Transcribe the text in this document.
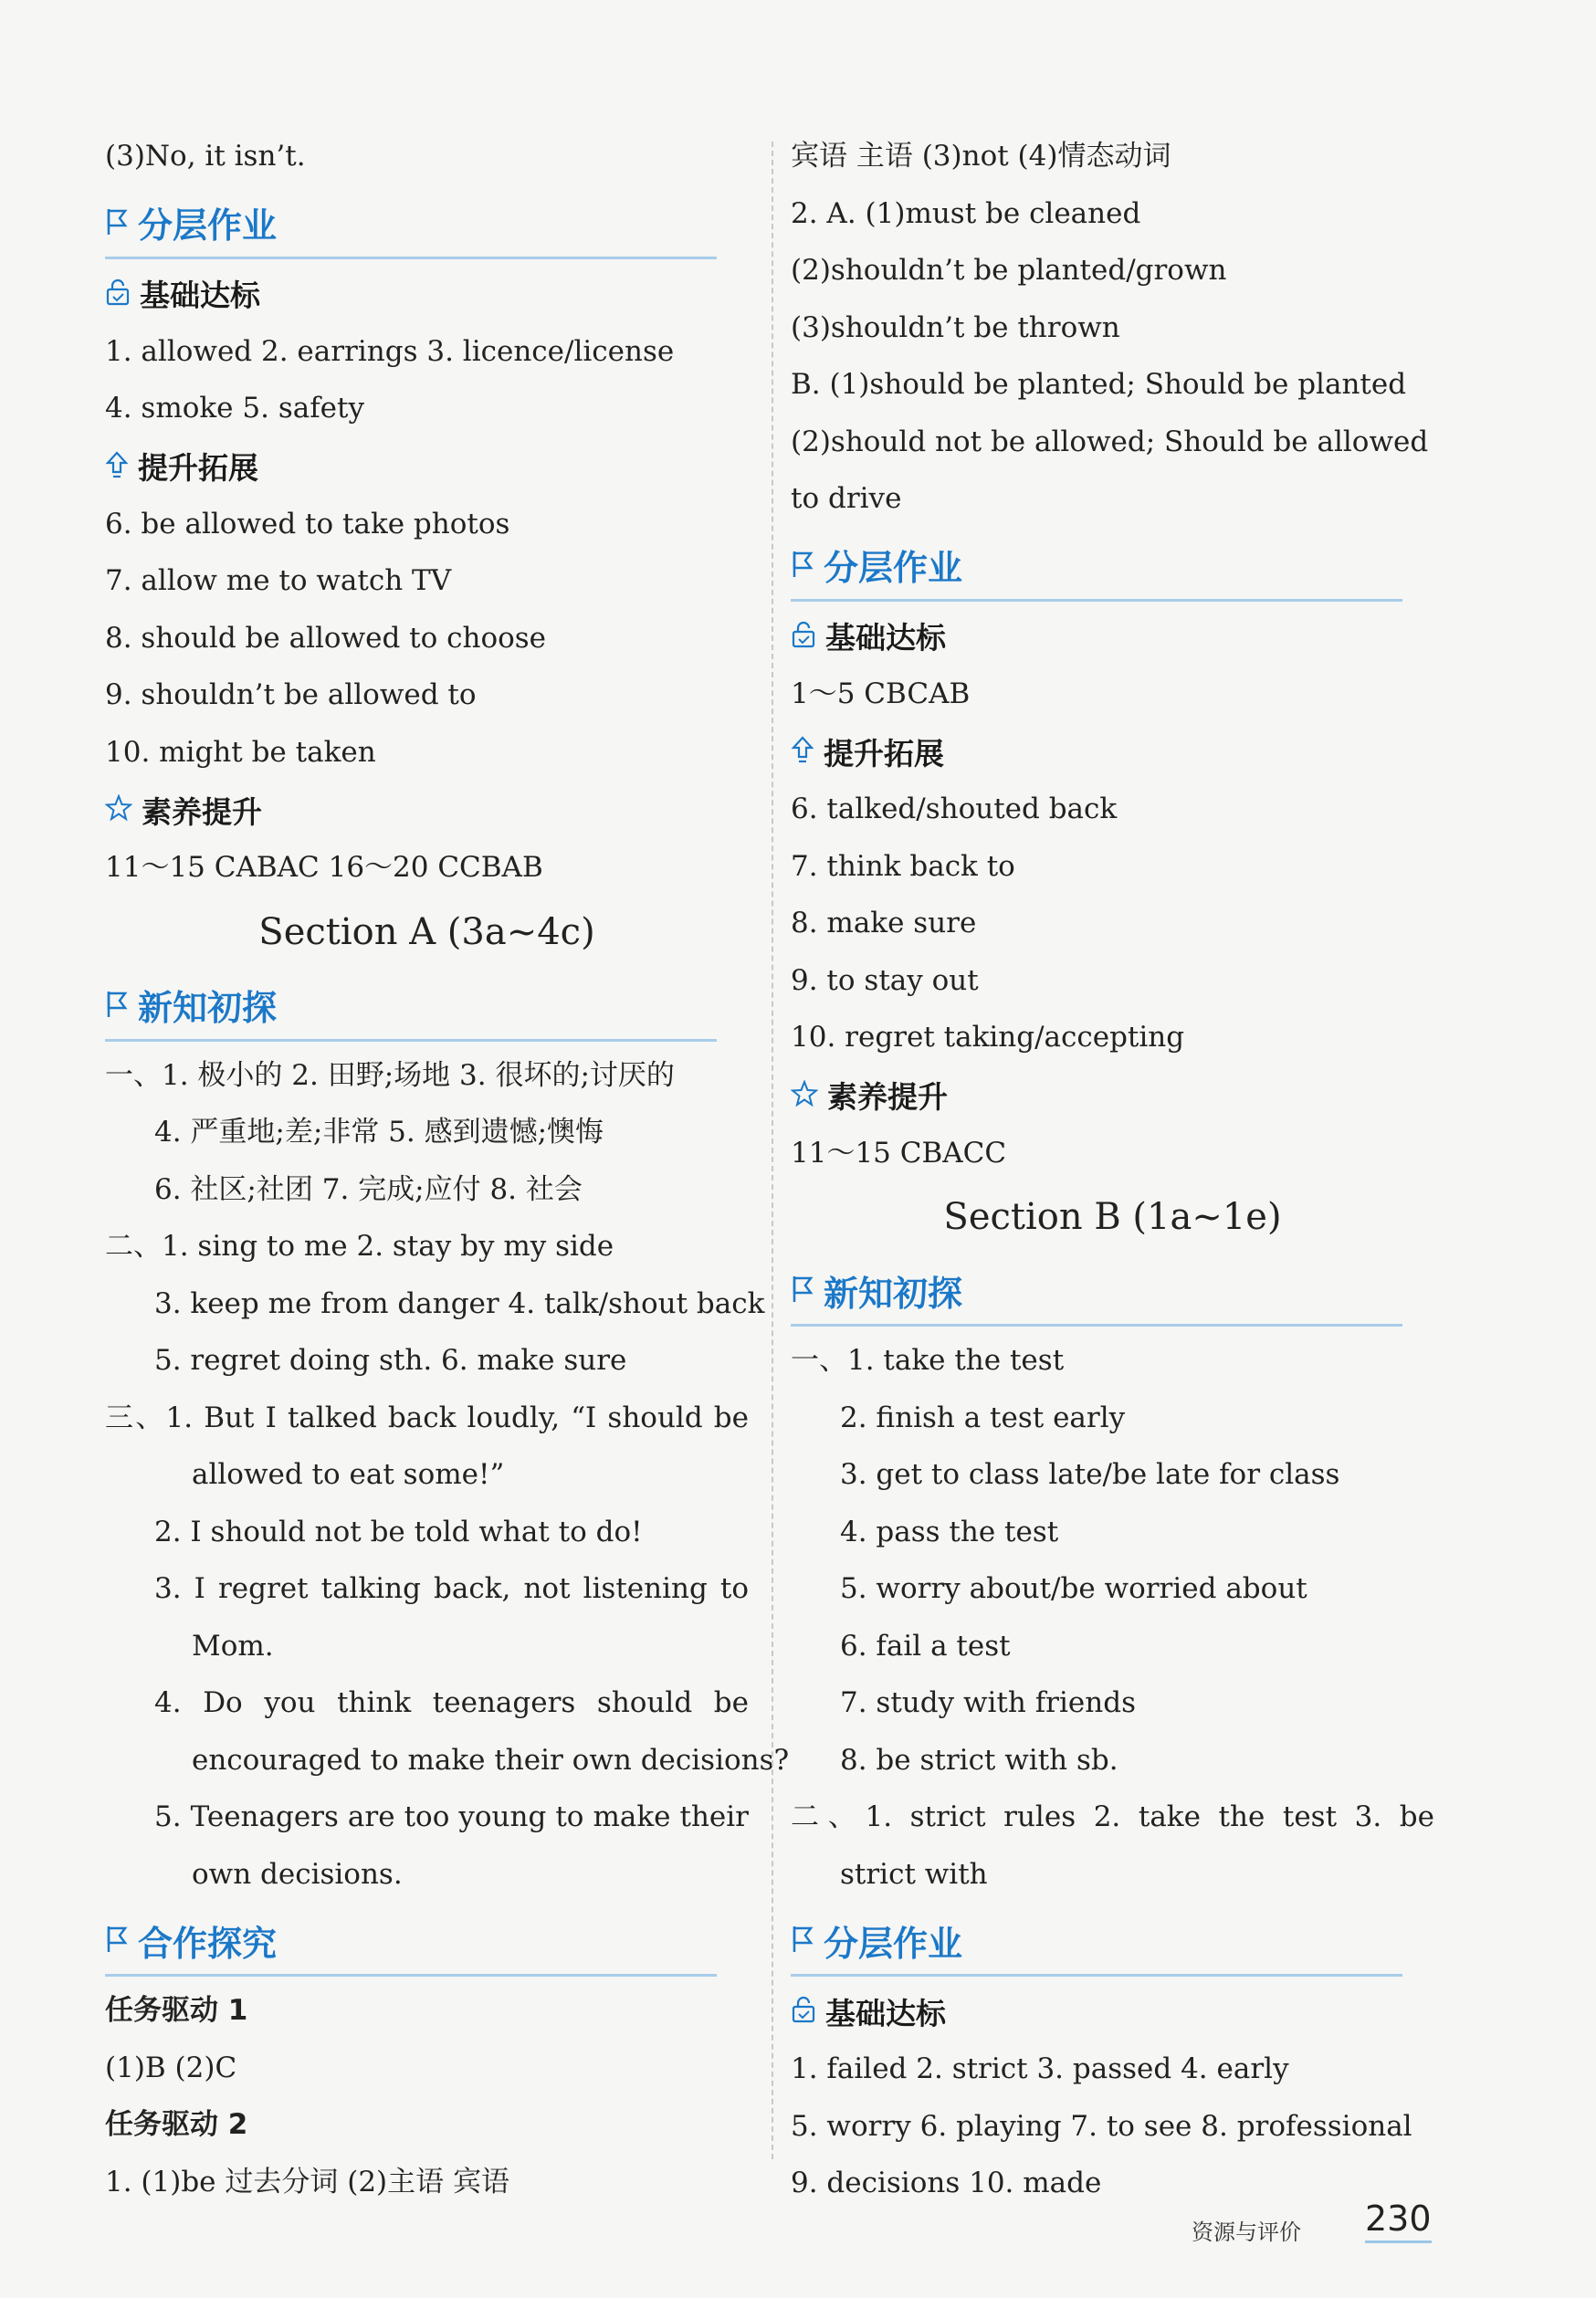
(3)No, it isn’t.
分层作业
基础达标
1. allowed 2. earrings 3. licence/license
4. smoke 5. safety
提升拓展
6. be allowed to take photos
7. allow me to watch TV
8. should be allowed to choose
9. shouldn’t be allowed to
10. might be taken
素养提升
11～15 CABAC 16～20 CCBAB
Section A (3a~4c)
新知初探
一、1. 极小的 2. 田野;场地 3. 很坏的;讨厌的
4. 严重地;差;非常 5. 感到遗憾;懊悔
6. 社区;社团 7. 完成;应付 8. 社会
二、1. sing to me 2. stay by my side
3. keep me from danger 4. talk/shout back
5. regret doing sth. 6. make sure
三、1. But I talked back loudly, “I should be
allowed to eat some!”
2. I should not be told what to do!
3. I regret talking back, not listening to
Mom.
4. Do you think teenagers should be
encouraged to make their own decisions?
5. Teenagers are too young to make their
own decisions.
合作探究
任务驱动 1
(1)B (2)C
任务驱动 2
1. (1)be 过去分词 (2)主语 宾语
宾语 主语 (3)not (4)情态动词
2. A. (1)must be cleaned
(2)shouldn’t be planted/grown
(3)shouldn’t be thrown
B. (1)should be planted; Should be planted
(2)should not be allowed; Should be allowed
to drive
分层作业
基础达标
1～5 CBCAB
提升拓展
6. talked/shouted back
7. think back to
8. make sure
9. to stay out
10. regret taking/accepting
素养提升
11～15 CBACC
Section B (1a~1e)
新知初探
一、1. take the test
2. finish a test early
3. get to class late/be late for class
4. pass the test
5. worry about/be worried about
6. fail a test
7. study with friends
8. be strict with sb.
二、1. strict rules 2. take the test 3. be
strict with
分层作业
基础达标
1. failed 2. strict 3. passed 4. early
5. worry 6. playing 7. to see 8. professional
9. decisions 10. made
资源与评价 230
